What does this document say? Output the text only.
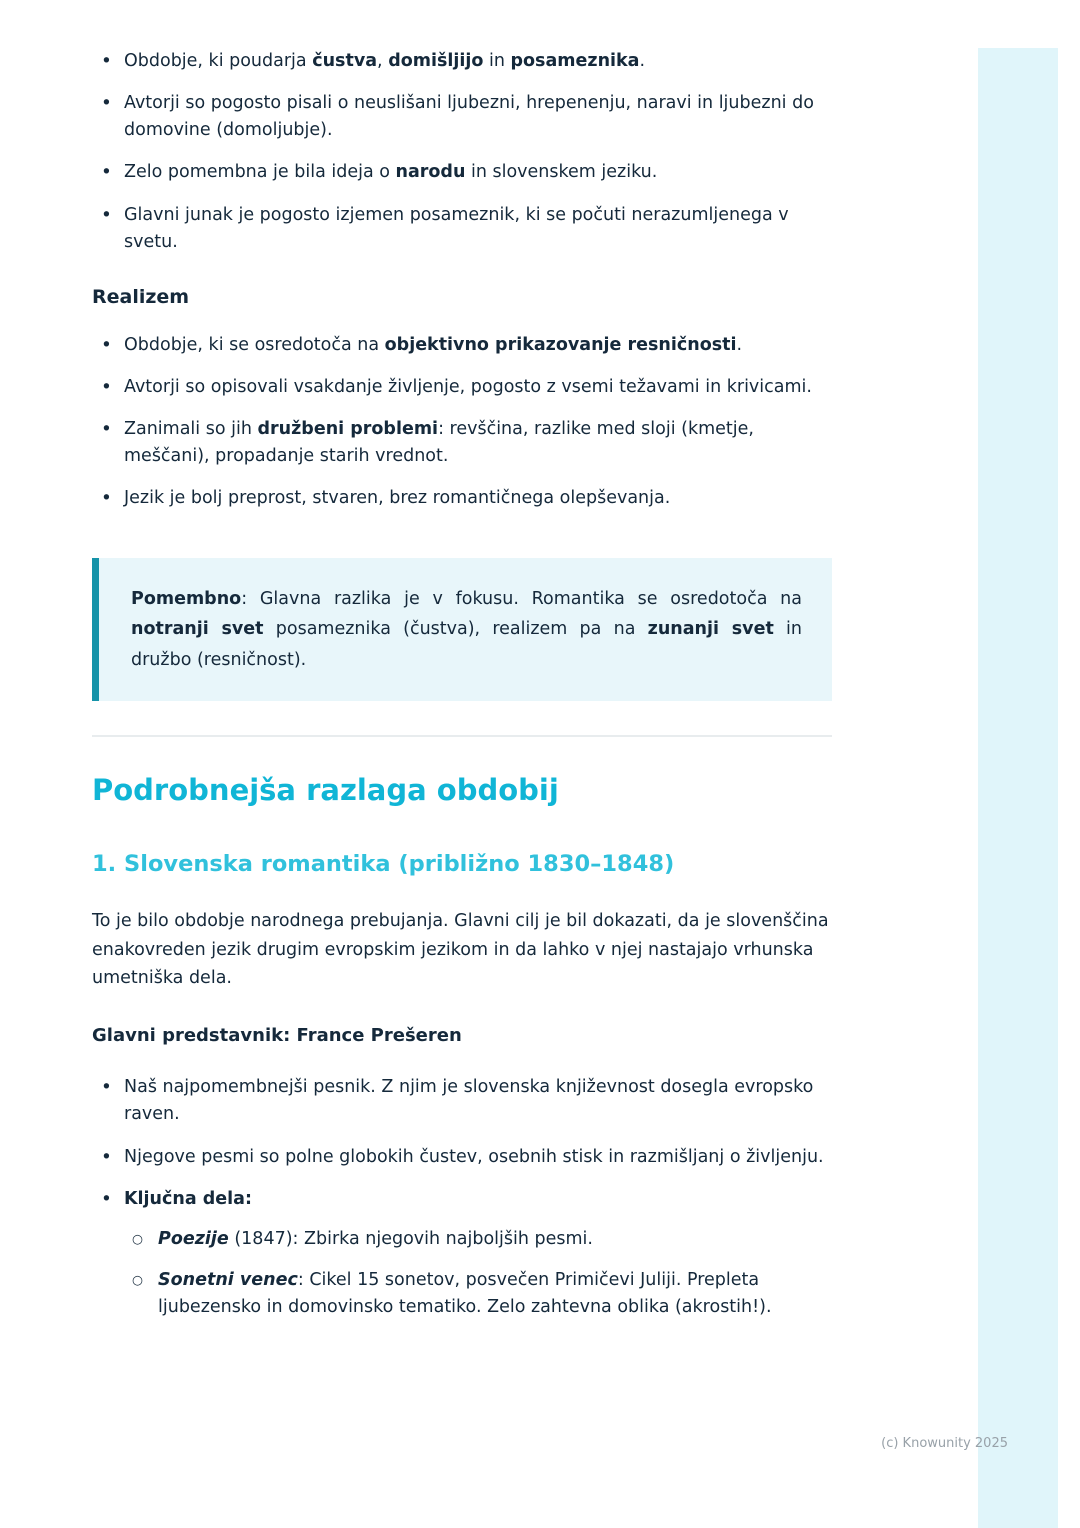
• Obdobje, ki poudarja čustva, domišljijo in posameznika.
• Avtorji so pogosto pisali o neuslišani ljubezni, hrepenenju, naravi in ljubezni do domovine (domoljubje).
• Zelo pomembna je bila ideja o narodu in slovenskem jeziku.
• Glavni junak je pogosto izjemen posameznik, ki se počuti nerazumljenega v svetu.
Realizem
• Obdobje, ki se osredotoča na objektivno prikazovanje resničnosti.
• Avtorji so opisovali vsakdanje življenje, pogosto z vsemi težavami in krivicami.
• Zanimali so jih družbeni problemi: revščina, razlike med sloji (kmetje, meščani), propadanje starih vrednot.
• Jezik je bolj preprost, stvaren, brez romantičnega olepševanja.

Pomembno: Glavna razlika je v fokusu. Romantika se osredotoča na notranji svet posameznika (čustva), realizem pa na zunanji svet in družbo (resničnost).

Podrobnejša razlaga obdobij
1. Slovenska romantika (približno 1830–1848)

To je bilo obdobje narodnega prebujanja. Glavni cilj je bil dokazati, da je slovenščina enakovreden jezik drugim evropskim jezikom in da lahko v njej nastajajo vrhunska umetniška dela.

Glavni predstavnik: France Prešeren
• Naš najpomembnejši pesnik. Z njim je slovenska književnost dosegla evropsko raven.
• Njegove pesmi so polne globokih čustev, osebnih stisk in razmišljanj o življenju.
• Ključna dela:
○ Poezije (1847): Zbirka njegovih najboljših pesmi.
○ Sonetni venec: Cikel 15 sonetov, posvečen Primičevi Juliji. Prepleta ljubezensko in domovinsko tematiko. Zelo zahtevna oblika (akrostih!).
(c) Knowunity 2025
